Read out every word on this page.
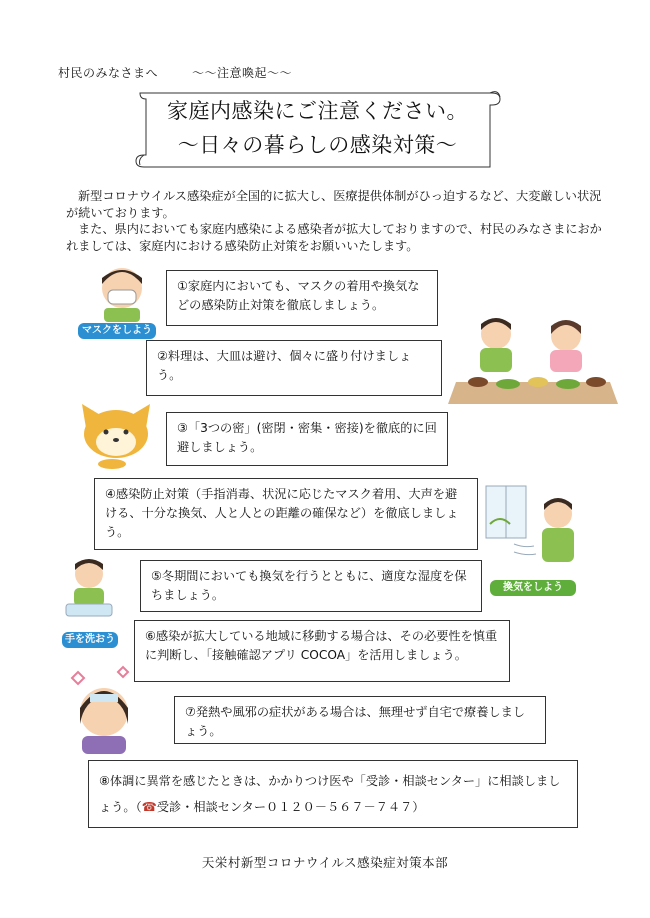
村民のみなさまへ	～～注意喚起～～
家庭内感染にご注意ください。
～日々の暮らしの感染対策～

新型コロナウイルス感染症が全国的に拡大し、医療提供体制がひっ迫するなど、大変厳しい状況が続いております。

また、県内においても家庭内感染による感染者が拡大しておりますので、村民のみなさまにおかれましては、家庭内における感染防止対策をお願いいたします。

マスクをしよう
換気をしよう
手を洗おう
①家庭内においても、マスクの着用や換気などの感染防止対策を徹底しましょう。
②料理は、大皿は避け、個々に盛り付けましょう。
③「3つの密」(密閉・密集・密接)を徹底的に回避しましょう。
④感染防止対策（手指消毒、状況に応じたマスク着用、大声を避ける、十分な換気、人と人との距離の確保など）を徹底しましょう。
⑤冬期間においても換気を行うとともに、適度な湿度を保ちましょう。
⑥感染が拡大している地域に移動する場合は、その必要性を慎重に判断し、「接触確認アプリ COCOA」を活用しましょう。
⑦発熱や風邪の症状がある場合は、無理せず自宅で療養しましょう。
⑧体調に異常を感じたときは、かかりつけ医や「受診・相談センター」に相談しましょう。（☎受診・相談センター０１２０－５６７－７４７）
天栄村新型コロナウイルス感染症対策本部
